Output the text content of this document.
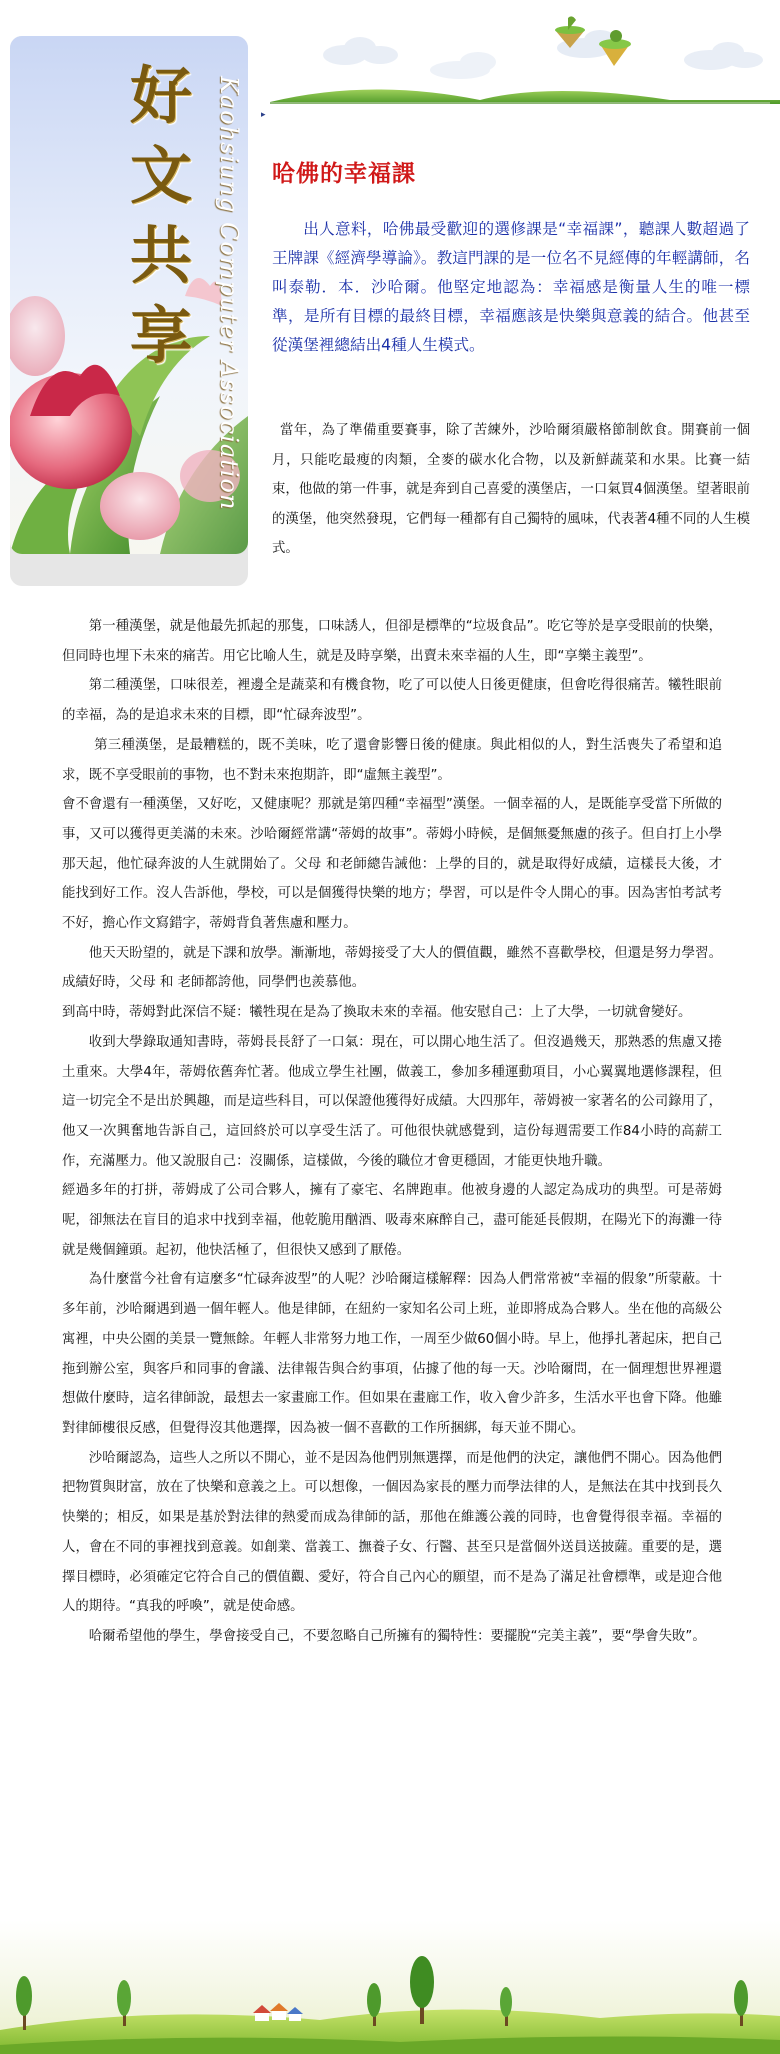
好文共享 Kaohsiung Computer Association ▸
哈佛的幸福課
出人意料，哈佛最受歡迎的選修課是“幸福課”，聽課人數超過了王牌課《經濟學導論》。教這門課的是一位名不見經傳的年輕講師，名叫泰勒．本．沙哈爾。他堅定地認為：幸福感是衡量人生的唯一標準，是所有目標的最終目標，幸福應該是快樂與意義的結合。他甚至從漢堡裡總結出4種人生模式。
當年，為了準備重要賽事，除了苦練外，沙哈爾須嚴格節制飲食。開賽前一個月，只能吃最瘦的肉類，全麥的碳水化合物，以及新鮮蔬菜和水果。比賽一結束，他做的第一件事，就是奔到自己喜愛的漢堡店，一口氣買4個漢堡。望著眼前的漢堡，他突然發現，它們每一種都有自己獨特的風味，代表著4種不同的人生模式。

第一種漢堡，就是他最先抓起的那隻，口味誘人，但卻是標準的“垃圾食品”。吃它等於是享受眼前的快樂，但同時也埋下未來的痛苦。用它比喻人生，就是及時享樂，出賣未來幸福的人生，即“享樂主義型”。

第二種漢堡，口味很差，裡邊全是蔬菜和有機食物，吃了可以使人日後更健康，但會吃得很痛苦。犧牲眼前的幸福，為的是追求未來的目標，即“忙碌奔波型”。

第三種漢堡，是最糟糕的，既不美味，吃了還會影響日後的健康。與此相似的人，對生活喪失了希望和追求，既不享受眼前的事物，也不對未來抱期許，即“虛無主義型”。

會不會還有一種漢堡，又好吃，又健康呢？那就是第四種“幸福型”漢堡。一個幸福的人，是既能享受當下所做的事，又可以獲得更美滿的未來。沙哈爾經常講“蒂姆的故事”。蒂姆小時候，是個無憂無慮的孩子。但自打上小學那天起，他忙碌奔波的人生就開始了。父母 和老師總告誡他：上學的目的，就是取得好成績，這樣長大後，才能找到好工作。沒人告訴他，學校，可以是個獲得快樂的地方；學習，可以是件令人開心的事。因為害怕考試考不好，擔心作文寫錯字，蒂姆背負著焦慮和壓力。

他天天盼望的，就是下課和放學。漸漸地，蒂姆接受了大人的價值觀，雖然不喜歡學校，但還是努力學習。成績好時，父母 和 老師都誇他，同學們也羨慕他。

到高中時，蒂姆對此深信不疑：犧牲現在是為了換取未來的幸福。他安慰自己：上了大學，一切就會變好。

收到大學錄取通知書時，蒂姆長長舒了一口氣：現在，可以開心地生活了。但沒過幾天，那熟悉的焦慮又捲土重來。大學4年，蒂姆依舊奔忙著。他成立學生社團，做義工，參加多種運動項目，小心翼翼地選修課程，但這一切完全不是出於興趣，而是這些科目，可以保證他獲得好成績。大四那年，蒂姆被一家著名的公司錄用了，他又一次興奮地告訴自己，這回終於可以享受生活了。可他很快就感覺到，這份每週需要工作84小時的高薪工作，充滿壓力。他又說服自己：沒關係，這樣做，今後的職位才會更穩固，才能更快地升職。

經過多年的打拼，蒂姆成了公司合夥人，擁有了豪宅、名牌跑車。他被身邊的人認定為成功的典型。可是蒂姆呢，卻無法在盲目的追求中找到幸福，他乾脆用酗酒、吸毒來麻醉自己，盡可能延長假期，在陽光下的海灘一待就是幾個鐘頭。起初，他快活極了，但很快又感到了厭倦。

為什麼當今社會有這麼多“忙碌奔波型”的人呢？沙哈爾這樣解釋：因為人們常常被“幸福的假象”所蒙蔽。十多年前，沙哈爾遇到過一個年輕人。他是律師，在紐約一家知名公司上班，並即將成為合夥人。坐在他的高級公寓裡，中央公園的美景一覽無餘。年輕人非常努力地工作，一周至少做60個小時。早上，他掙扎著起床，把自己拖到辦公室，與客戶和同事的會議、法律報告與合約事項，佔據了他的每一天。沙哈爾問，在一個理想世界裡還想做什麼時，這名律師說，最想去一家畫廊工作。但如果在畫廊工作，收入會少許多，生活水平也會下降。他雖對律師樓很反感，但覺得沒其他選擇，因為被一個不喜歡的工作所捆綁，每天並不開心。

沙哈爾認為，這些人之所以不開心，並不是因為他們別無選擇，而是他們的決定，讓他們不開心。因為他們把物質與財富，放在了快樂和意義之上。可以想像，一個因為家長的壓力而學法律的人，是無法在其中找到長久快樂的；相反，如果是基於對法律的熱愛而成為律師的話，那他在維護公義的同時，也會覺得很幸福。幸福的人，會在不同的事裡找到意義。如創業、當義工、撫養子女、行醫、甚至只是當個外送員送披薩。重要的是，選擇目標時，必須確定它符合自己的價值觀、愛好，符合自己內心的願望，而不是為了滿足社會標準，或是迎合他人的期待。“真我的呼喚”，就是使命感。

哈爾希望他的學生，學會接受自己，不要忽略自己所擁有的獨特性：要擺脫“完美主義”，要“學會失敗”。
